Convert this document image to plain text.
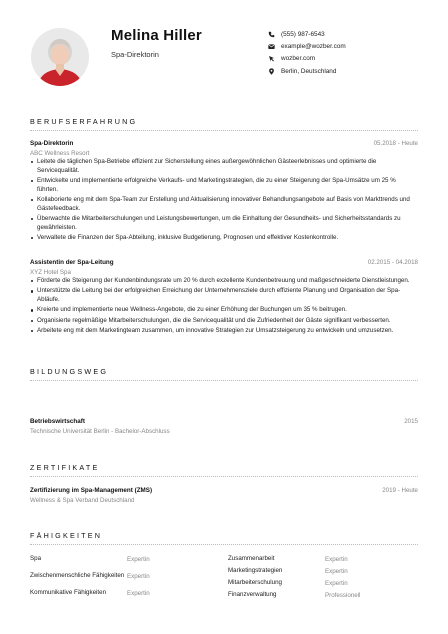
Melina Hiller
Spa-Direktorin
(555) 987-6543
example@wozber.com
wozber.com
Berlin, Deutschland
BERUFSERFAHRUNG
Spa-Direktorin	05.2018 - Heute
ABC Wellness Resort
Leitete die täglichen Spa-Betriebe effizient zur Sicherstellung eines außergewöhnlichen Gästeerlebnisses und optimierte die Servicequalität.
Entwickelte und implementierte erfolgreiche Verkaufs- und Marketingstrategien, die zu einer Steigerung der Spa-Umsätze um 25 % führten.
Kollaborierte eng mit dem Spa-Team zur Erstellung und Aktualisierung innovativer Behandlungsangebote auf Basis von Markttrends und Gästefeedback.
Überwachte die Mitarbeiterschulungen und Leistungsbewertungen, um die Einhaltung der Gesundheits- und Sicherheitsstandards zu gewährleisten.
Verwaltete die Finanzen der Spa-Abteilung, inklusive Budgetierung, Prognosen und effektiver Kostenkontrolle.
Assistentin der Spa-Leitung	02.2015 - 04.2018
XYZ Hotel Spa
Förderte die Steigerung der Kundenbindungsrate um 20 % durch exzellente Kundenbetreuung und maßgeschneiderte Dienstleistungen.
Unterstützte die Leitung bei der erfolgreichen Erreichung der Unternehmensziele durch effiziente Planung und Organisation der Spa-Abläufe.
Kreierte und implementierte neue Wellness-Angebote, die zu einer Erhöhung der Buchungen um 35 % beitrugen.
Organisierte regelmäßige Mitarbeiterschulungen, die die Servicequalität und die Zufriedenheit der Gäste signifikant verbesserten.
Arbeitete eng mit dem Marketingteam zusammen, um innovative Strategien zur Umsatzsteigerung zu entwickeln und umzusetzen.
BILDUNGSWEG
Betriebswirtschaft	2015
Technische Universität Berlin - Bachelor-Abschluss
ZERTIFIKATE
Zertifizierung im Spa-Management (ZMS)	2019 - Heute
Wellness & Spa Verband Deutschland
FÄHIGKEITEN
Spa	Expertin
Zwischenmenschliche Fähigkeiten Expertin
Kommunikative Fähigkeiten	Expertin
Zusammenarbeit	Expertin
Marketingstrategien	Expertin
Mitarbeiterschulung	Expertin
Finanzverwaltung	Professionell
